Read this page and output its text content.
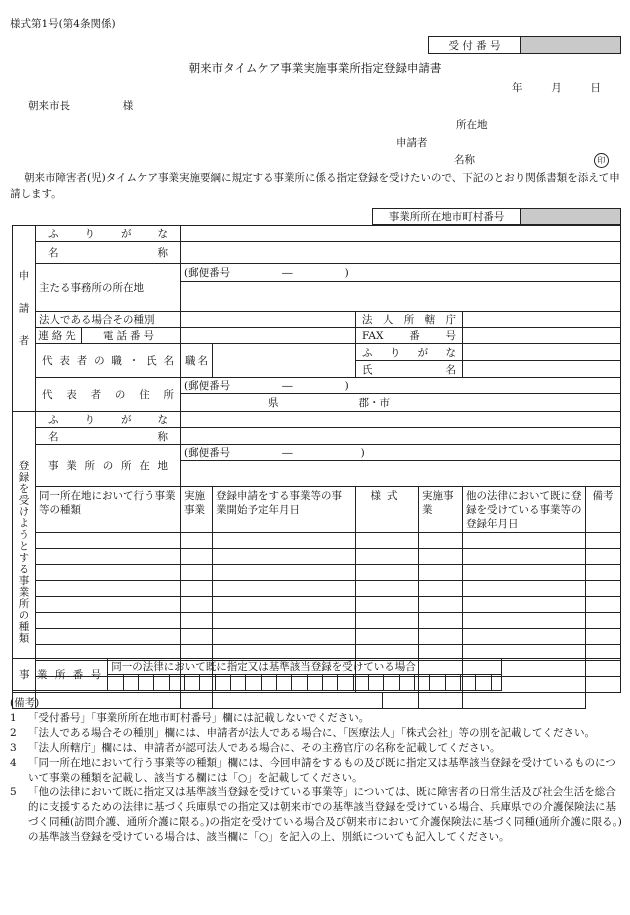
様式第1号(第4条関係)
受 付 番 号	
朝来市タイムケア事業実施事業所指定登録申請書
年	月	日
朝来市長	様
所在地
申請者
名称	印
朝来市障害者(児)タイムケア事業実施要綱に規定する事業所に係る指定登録を受けたいので、下記のとおり関係書類を添えて申請します。
事業所所在地市町村番号	
申請者	ふりがな							
	名称							
	主たる事務所の所在地	(郵便番号 ― )						

	法人である場合その種別			法人所轄庁				
	連絡先 電話番号			FAX番号				
	代表者の職・氏名	職名		ふりがな				
				氏名				
	代表者の住所	(郵便番号 ― )						
		県 郡・市						
登録を受けようとする事業所の種類	ふりがな							
	名称							
	事業所の所在地	(郵便番号 ― )						

	同一所在地において行う事業等の種類	実施事業	登録申請をする事業等の事業開始予定年月日	様式		実施事業	他の法律において既に登録を受けている事業等の登録年月日	備考

事業所番号	同一の法律において既に指定又は基準該当登録を受けている場合																										

(備考)

1 「受付番号」「事業所所在地市町村番号」欄には記載しないでください。

2 「法人である場合その種別」欄には、申請者が法人である場合に、「医療法人」「株式会社」等の別を記載してください。

3 「法人所轄庁」欄には、申請者が認可法人である場合に、その主務官庁の名称を記載してください。

4 「同一所在地において行う事業等の種類」欄には、今回申請をするもの及び既に指定又は基準該当登録を受けているものについて事業の種類を記載し、該当する欄には「○」を記載してください。

5 「他の法律において既に指定又は基準該当登録を受けている事業等」については、既に障害者の日常生活及び社会生活を総合的に支援するための法律に基づく兵庫県での指定又は朝来市での基準該当登録を受けている場合、兵庫県での介護保険法に基づく同種(訪問介護、通所介護に限る。)の指定を受けている場合及び朝来市において介護保険法に基づく同種(通所介護に限る。)の基準該当登録を受けている場合は、該当欄に「○」を記入の上、別紙についても記入してください。
